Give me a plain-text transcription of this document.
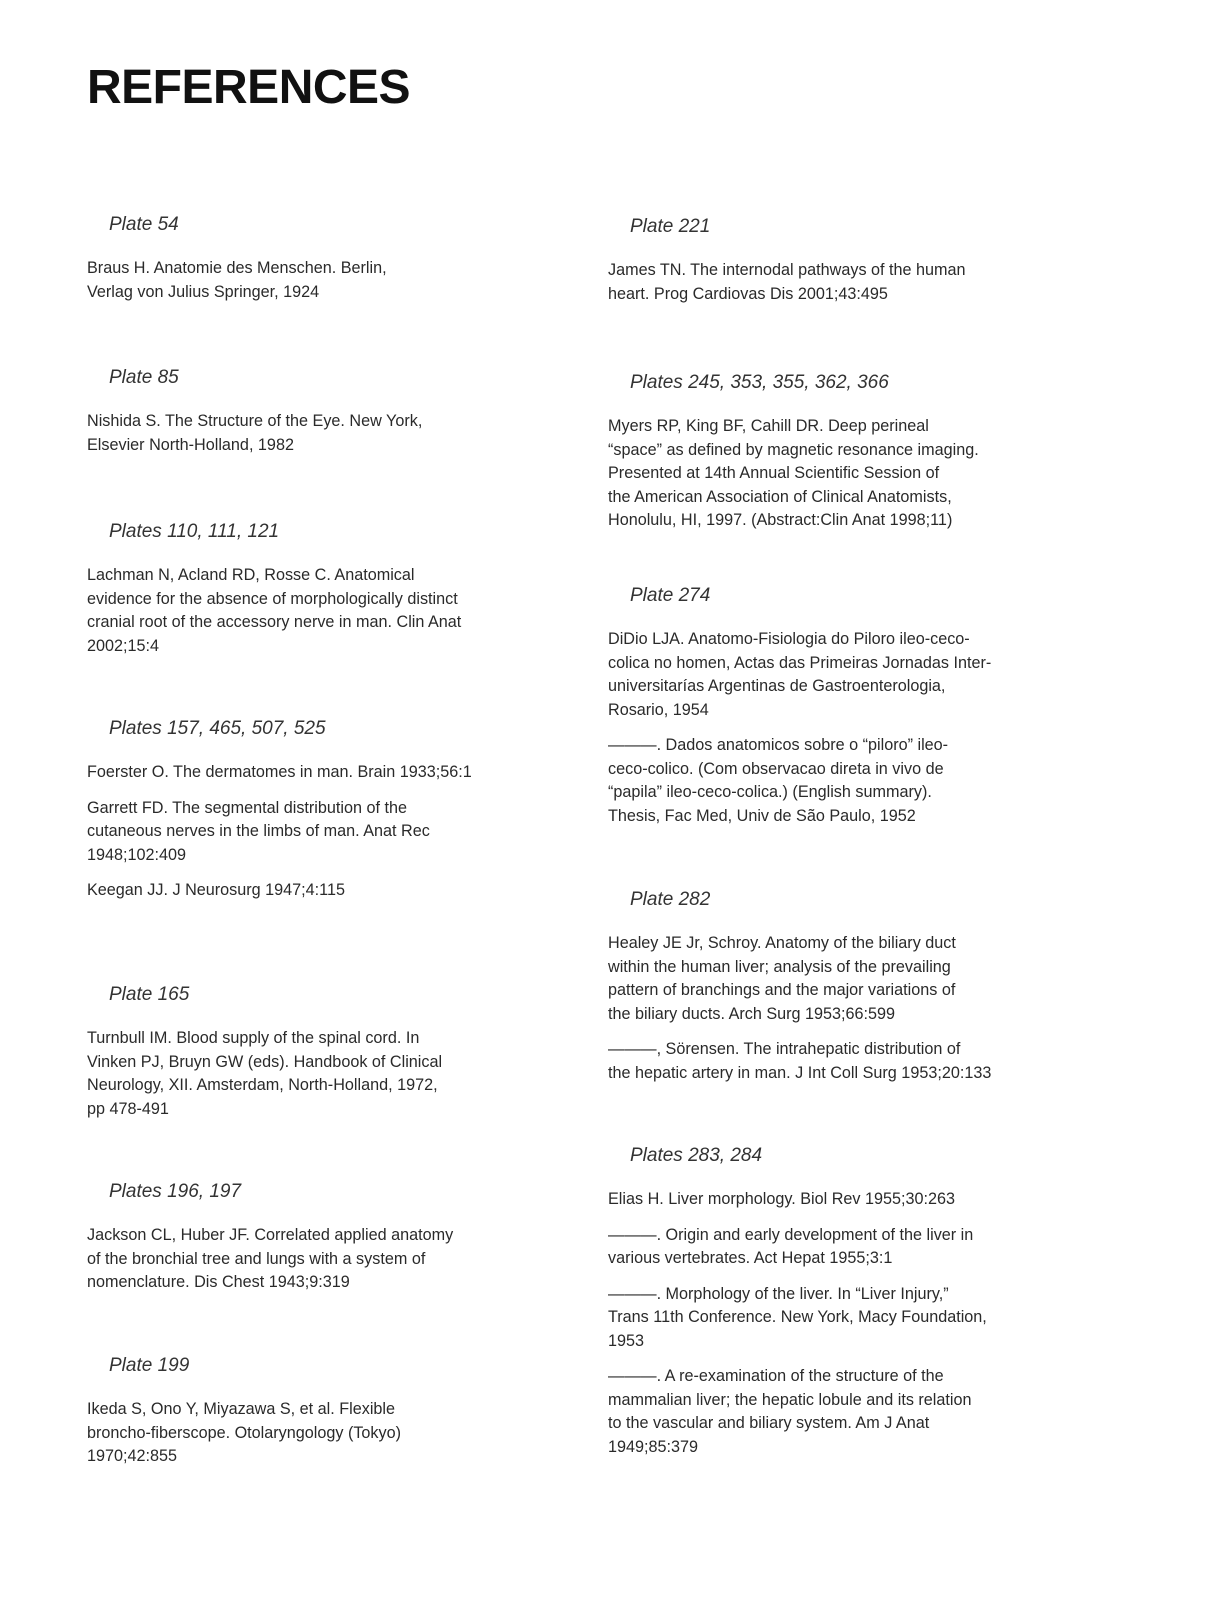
REFERENCES

Plate 54

Braus H. Anatomie des Menschen. Berlin,
Verlag von Julius Springer, 1924

Plate 85

Nishida S. The Structure of the Eye. New York,
Elsevier North-Holland, 1982

Plates 110, 111, 121

Lachman N, Acland RD, Rosse C. Anatomical
evidence for the absence of morphologically distinct
cranial root of the accessory nerve in man. Clin Anat
2002;15:4

Plates 157, 465, 507, 525

Foerster O. The dermatomes in man. Brain 1933;56:1

Garrett FD. The segmental distribution of the
cutaneous nerves in the limbs of man. Anat Rec
1948;102:409

Keegan JJ. J Neurosurg 1947;4:115

Plate 165

Turnbull IM. Blood supply of the spinal cord. In
Vinken PJ, Bruyn GW (eds). Handbook of Clinical
Neurology, XII. Amsterdam, North-Holland, 1972,
pp 478-491

Plates 196, 197

Jackson CL, Huber JF. Correlated applied anatomy
of the bronchial tree and lungs with a system of
nomenclature. Dis Chest 1943;9:319

Plate 199

Ikeda S, Ono Y, Miyazawa S, et al. Flexible
broncho-fiberscope. Otolaryngology (Tokyo)
1970;42:855

Plate 221

James TN. The internodal pathways of the human
heart. Prog Cardiovas Dis 2001;43:495

Plates 245, 353, 355, 362, 366

Myers RP, King BF, Cahill DR. Deep perineal
“space” as defined by magnetic resonance imaging.
Presented at 14th Annual Scientific Session of
the American Association of Clinical Anatomists,
Honolulu, HI, 1997. (Abstract:Clin Anat 1998;11)

Plate 274

DiDio LJA. Anatomo-Fisiologia do Piloro ileo-ceco-
colica no homen, Actas das Primeiras Jornadas Inter-
universitarías Argentinas de Gastroenterologia,
Rosario, 1954

———. Dados anatomicos sobre o “piloro” ileo-
ceco-colico. (Com observacao direta in vivo de
“papila” ileo-ceco-colica.) (English summary).
Thesis, Fac Med, Univ de São Paulo, 1952

Plate 282

Healey JE Jr, Schroy. Anatomy of the biliary duct
within the human liver; analysis of the prevailing
pattern of branchings and the major variations of
the biliary ducts. Arch Surg 1953;66:599

———, Sörensen. The intrahepatic distribution of
the hepatic artery in man. J Int Coll Surg 1953;20:133

Plates 283, 284

Elias H. Liver morphology. Biol Rev 1955;30:263

———. Origin and early development of the liver in
various vertebrates. Act Hepat 1955;3:1

———. Morphology of the liver. In “Liver Injury,”
Trans 11th Conference. New York, Macy Foundation,
1953

———. A re-examination of the structure of the
mammalian liver; the hepatic lobule and its relation
to the vascular and biliary system. Am J Anat
1949;85:379
